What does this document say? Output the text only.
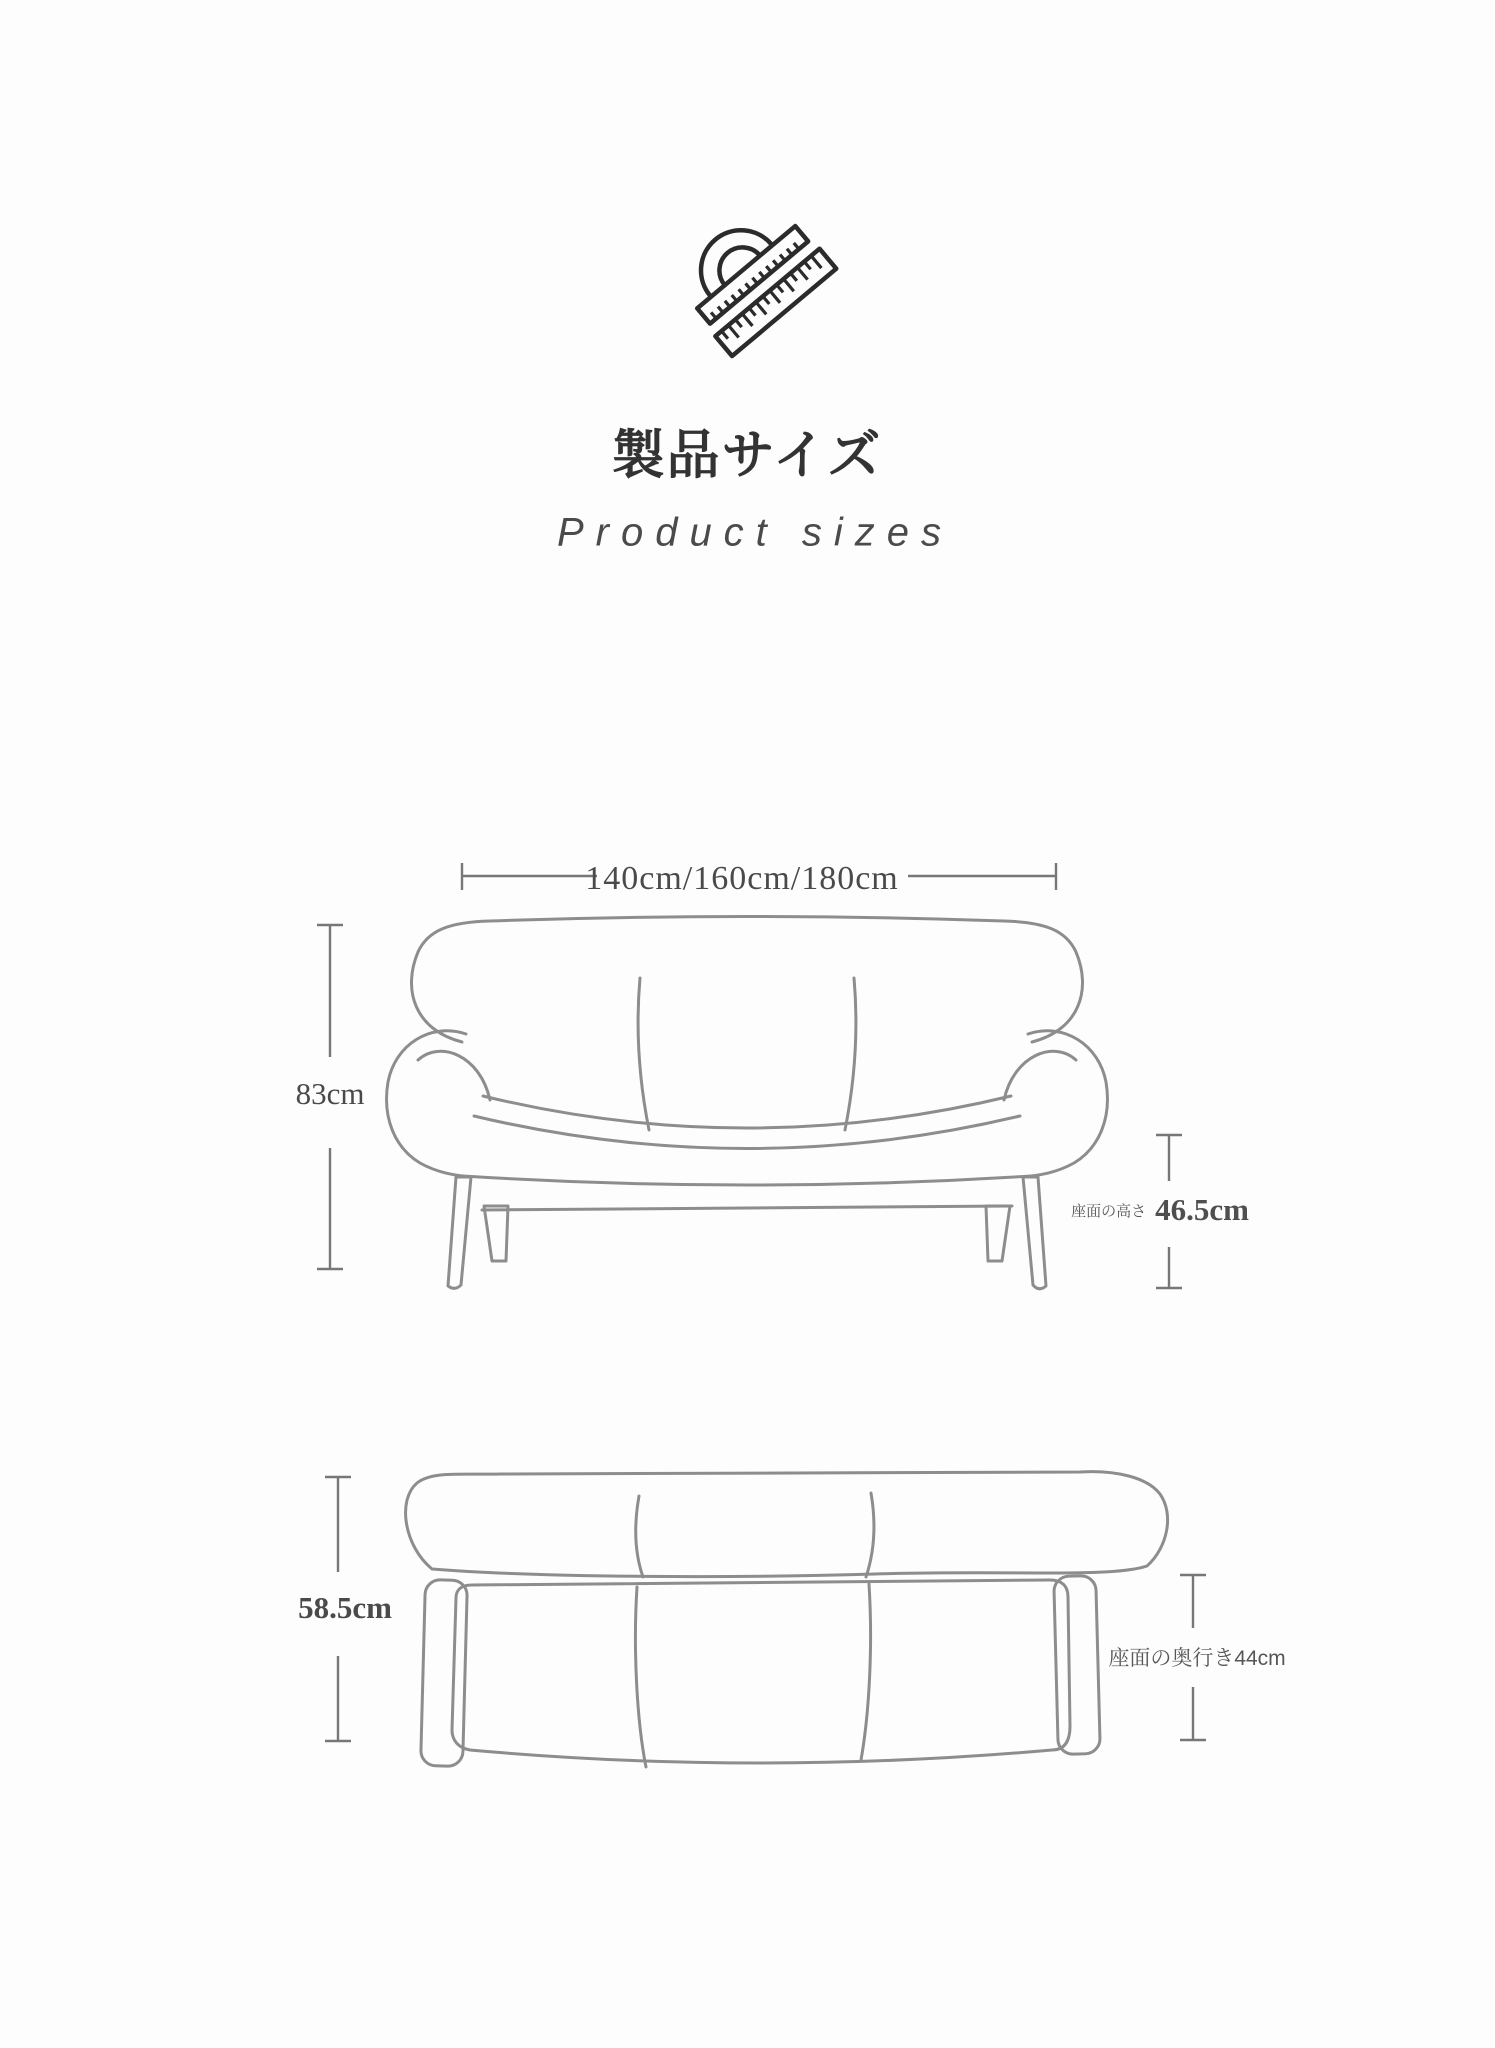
製品サイズ
Product sizes
140cm/160cm/180cm
83cm
座面の高さ 46.5cm
58.5cm
座面の奥行き44cm
